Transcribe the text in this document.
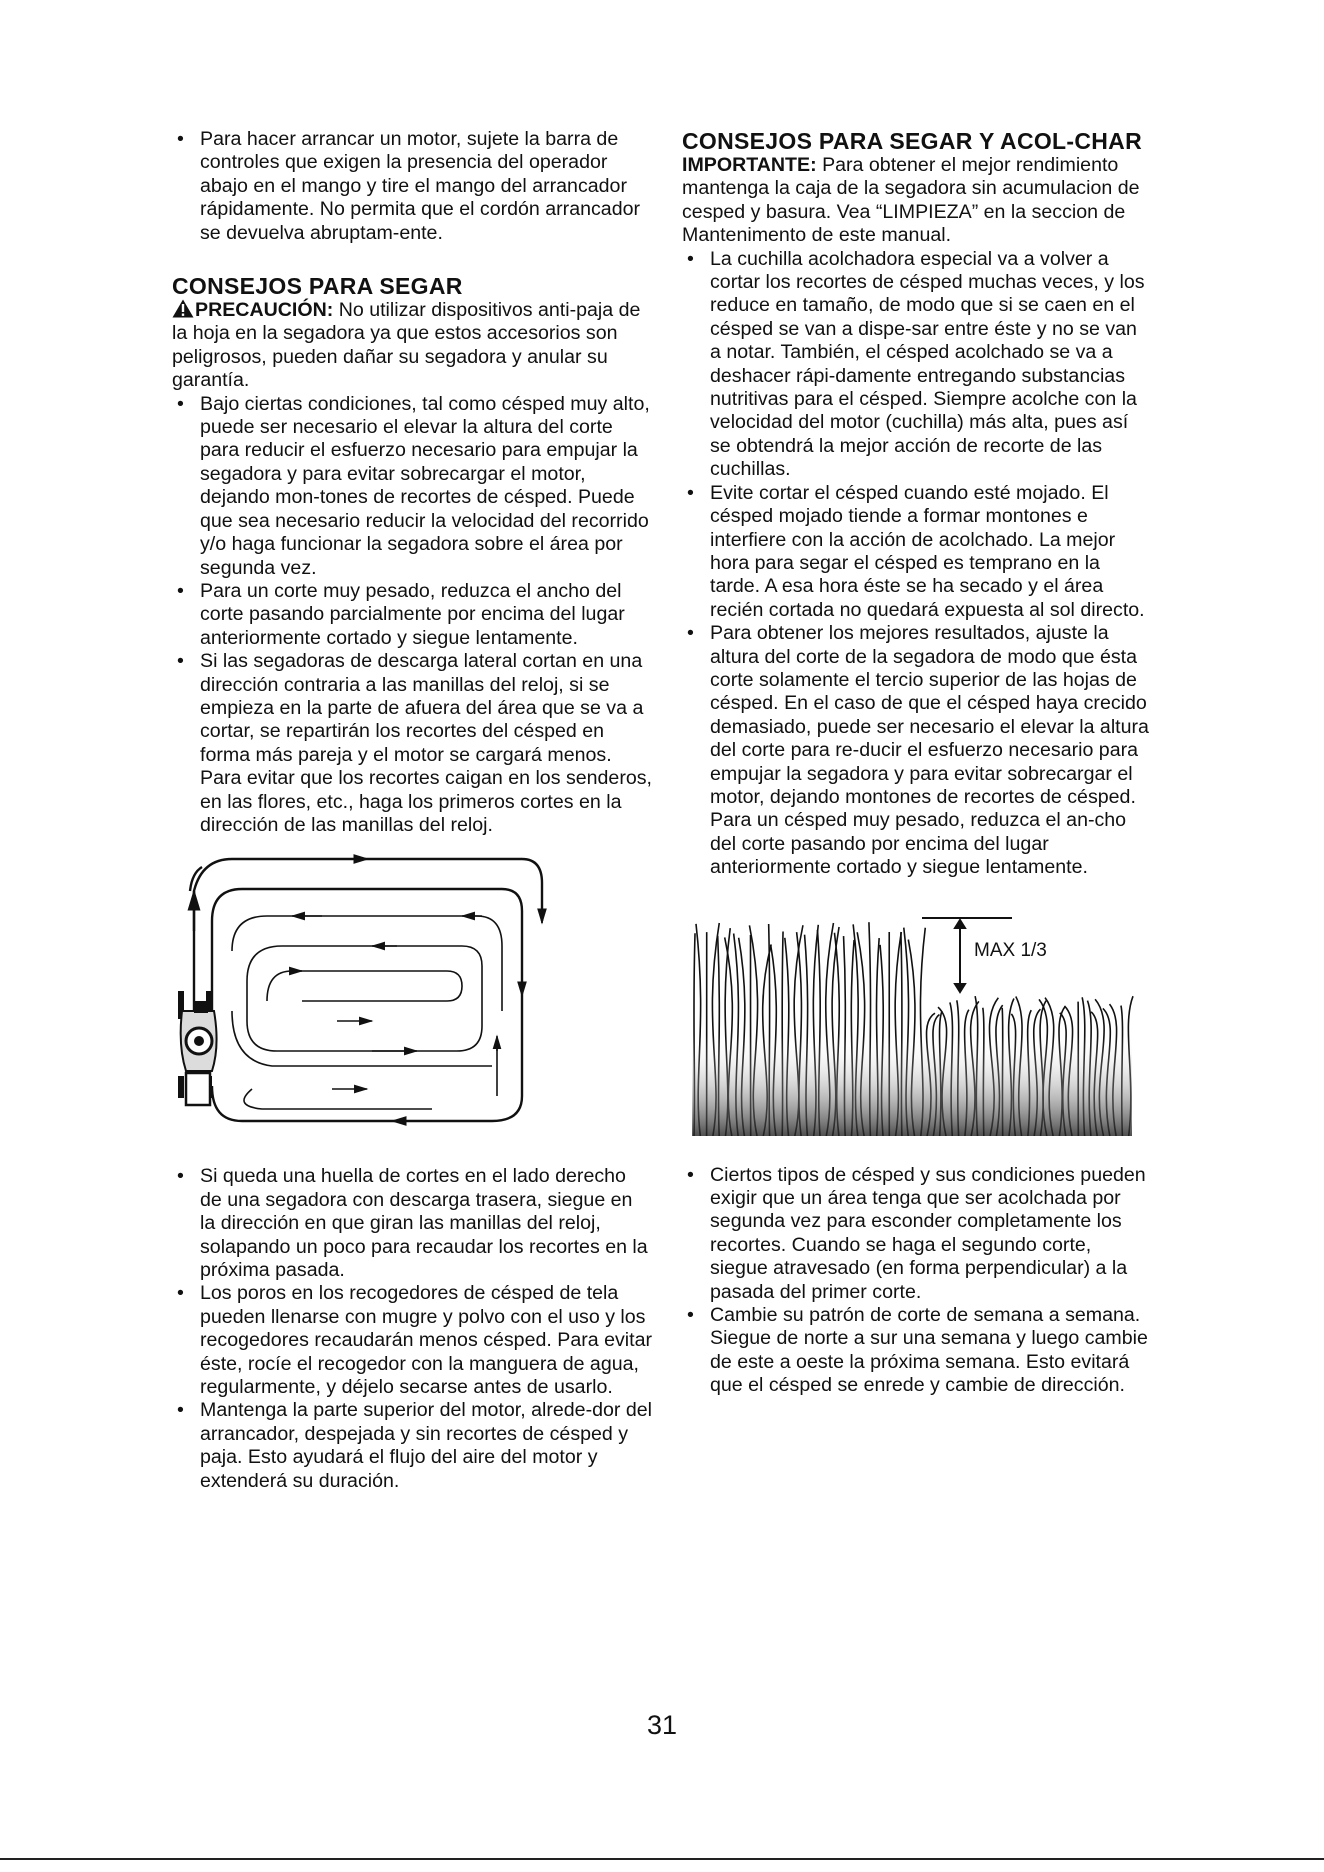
• Para hacer arrancar un motor, sujete la barra de controles que exigen la presencia del operador abajo en el mango y tire el mango del arrancador rápidamente. No permita que el cordón arrancador se devuelva abruptam-ente.
CONSEJOS PARA SEGAR

PRECAUCIÓN: No utilizar dispositivos anti-paja de la hoja en la segadora ya que estos accesorios son peligrosos, pueden dañar su segadora y anular su garantía.

• Bajo ciertas condiciones, tal como césped muy alto, puede ser necesario el elevar la altura del corte para reducir el esfuerzo necesario para empujar la segadora y para evitar sobrecargar el motor, dejando mon-tones de recortes de césped. Puede que sea necesario reducir la velocidad del recorrido y/o haga funcionar la segadora sobre el área por segunda vez.
• Para un corte muy pesado, reduzca el ancho del corte pasando parcialmente por encima del lugar anteriormente cortado y siegue lentamente.
• Si las segadoras de descarga lateral cortan en una dirección contraria a las manillas del reloj, si se empieza en la parte de afuera del área que se va a cortar, se repartirán los recortes del césped en forma más pareja y el motor se cargará menos. Para evitar que los recortes caigan en los senderos, en las flores, etc., haga los primeros cortes en la dirección de las manillas del reloj.
• Si queda una huella de cortes en el lado derecho de una segadora con descarga trasera, siegue en la dirección en que giran las manillas del reloj, solapando un poco para recaudar los recortes en la próxima pasada.
• Los poros en los recogedores de césped de tela pueden llenarse con mugre y polvo con el uso y los recogedores recaudarán menos césped. Para evitar éste, rocíe el recogedor con la manguera de agua, regularmente, y déjelo secarse antes de usarlo.
• Mantenga la parte superior del motor, alrede-dor del arrancador, despejada y sin recortes de césped y paja. Esto ayudará el flujo del aire del motor y extenderá su duración.
CONSEJOS PARA SEGAR Y ACOL-CHAR

IMPORTANTE: Para obtener el mejor rendimiento mantenga la caja de la segadora sin acumulacion de cesped y basura. Vea “LIMPIEZA” en la seccion de Mantenimento de este manual.

• La cuchilla acolchadora especial va a volver a cortar los recortes de césped muchas veces, y los reduce en tamaño, de modo que si se caen en el césped se van a dispe-sar entre éste y no se van a notar. También, el césped acolchado se va a deshacer rápi-damente entregando substancias nutritivas para el césped. Siempre acolche con la velocidad del motor (cuchilla) más alta, pues así se obtendrá la mejor acción de recorte de las cuchillas.
• Evite cortar el césped cuando esté mojado. El césped mojado tiende a formar montones e interfiere con la acción de acolchado. La mejor hora para segar el césped es temprano en la tarde. A esa hora éste se ha secado y el área recién cortada no quedará expuesta al sol directo.
• Para obtener los mejores resultados, ajuste la altura del corte de la segadora de modo que ésta corte solamente el tercio superior de las hojas de césped. En el caso de que el césped haya crecido demasiado, puede ser necesario el elevar la altura del corte para re-ducir el esfuerzo necesario para empujar la segadora y para evitar sobrecargar el motor, dejando montones de recortes de césped. Para un césped muy pesado, reduzca el an-cho del corte pasando por encima del lugar anteriormente cortado y siegue lentamente.
MAX 1/3
• Ciertos tipos de césped y sus condiciones pueden exigir que un área tenga que ser acolchada por segunda vez para esconder completamente los recortes. Cuando se haga el segundo corte, siegue atravesado (en forma perpendicular) a la pasada del primer corte.
• Cambie su patrón de corte de semana a semana. Siegue de norte a sur una semana y luego cambie de este a oeste la próxima semana. Esto evitará que el césped se enrede y cambie de dirección.
31
